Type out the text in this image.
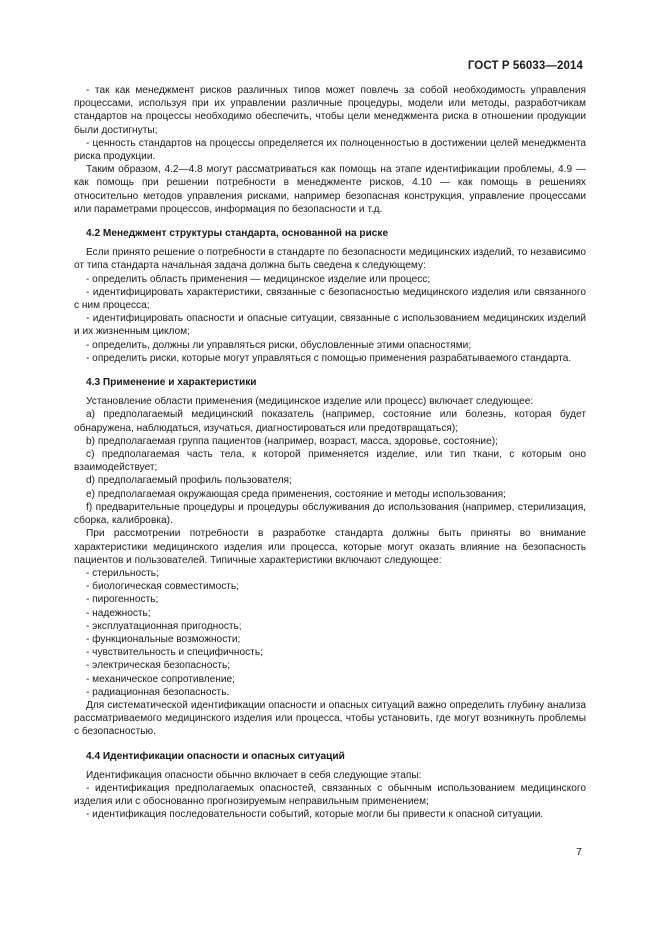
ГОСТ Р 56033—2014

- так как менеджмент рисков различных типов может повлечь за собой необходимость управления процессами, используя при их управлении различные процедуры, модели или методы, разработчикам стандартов на процессы необходимо обеспечить, чтобы цели менеджмента риска в отношении продукции были достигнуты;

- ценность стандартов на процессы определяется их полноценностью в достижении целей менеджмента риска продукции.

Таким образом, 4.2—4.8 могут рассматриваться как помощь на этапе идентификации проблемы, 4.9 — как помощь при решении потребности в менеджменте рисков, 4.10 — как помощь в решениях относительно методов управления рисками, например безопасная конструкция, управление процессами или параметрами процессов, информация по безопасности и т.д.

4.2 Менеджмент структуры стандарта, основанной на риске

Если принято решение о потребности в стандарте по безопасности медицинских изделий, то независимо от типа стандарта начальная задача должна быть сведена к следующему:

- определить область применения — медицинское изделие или процесс;

- идентифицировать характеристики, связанные с безопасностью медицинского изделия или связанного с ним процесса;

- идентифицировать опасности и опасные ситуации, связанные с использованием медицинских изделий и их жизненным циклом;

- определить, должны ли управляться риски, обусловленные этими опасностями;

- определить риски, которые могут управляться с помощью применения разрабатываемого стандарта.

4.3 Применение и характеристики

Установление области применения (медицинское изделие или процесс) включает следующее:

a) предполагаемый медицинский показатель (например, состояние или болезнь, которая будет обнаружена, наблюдаться, изучаться, диагностироваться или предотвращаться);

b) предполагаемая группа пациентов (например, возраст, масса, здоровье, состояние);

c) предполагаемая часть тела, к которой применяется изделие, или тип ткани, с которым оно взаимодействует;

d) предполагаемый профиль пользователя;

e) предполагаемая окружающая среда применения, состояние и методы использования;

f) предварительные процедуры и процедуры обслуживания до использования (например, стерилизация, сборка, калибровка).

При рассмотрении потребности в разработке стандарта должны быть приняты во внимание характеристики медицинского изделия или процесса, которые могут оказать влияние на безопасность пациентов и пользователей. Типичные характеристики включают следующее:

- стерильность;

- биологическая совместимость;

- пирогенность;

- надежность;

- эксплуатационная пригодность;

- функциональные возможности;

- чувствительность и специфичность;

- электрическая безопасность;

- механическое сопротивление;

- радиационная безопасность.

Для систематической идентификации опасности и опасных ситуаций важно определить глубину анализа рассматриваемого медицинского изделия или процесса, чтобы установить, где могут возникнуть проблемы с безопасностью.

4.4 Идентификации опасности и опасных ситуаций

Идентификация опасности обычно включает в себя следующие этапы:

- идентификация предполагаемых опасностей, связанных с обычным использованием медицинского изделия или с обоснованно прогнозируемым неправильным применением;

- идентификация последовательности событий, которые могли бы привести к опасной ситуации.

7
